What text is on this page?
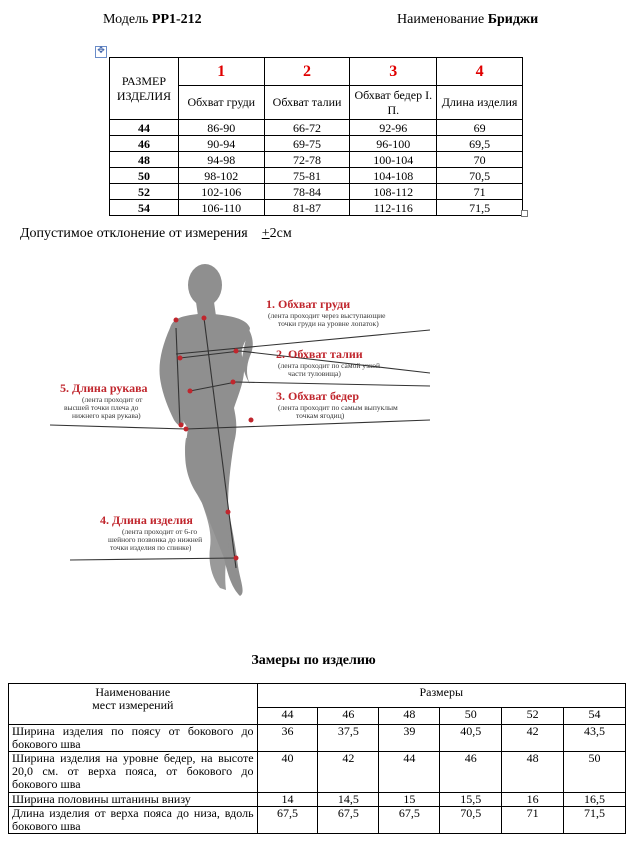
Модель РР1-212	Наименование Бриджи
✥
РАЗМЕР ИЗДЕЛИЯ	1	2	3	4
	Обхват груди	Обхват талии	Обхват бедер I. П.	Длина изделия
44	86-90	66-72	92-96	69
46	90-94	69-75	96-100	69,5
48	94-98	72-78	100-104	70
50	98-102	75-81	104-108	70,5
52	102-106	78-84	108-112	71
54	106-110	81-87	112-116	71,5
Допустимое отклонение от измерения +2см
1. Обхват груди
(лента проходит через выступающие
точки груди на уровне лопаток)
2. Обхват талии
(лента проходит по самой узкой
части туловища)
3. Обхват бедер
(лента проходит по самым выпуклым
точкам ягодиц)
4. Длина изделия
(лента проходит от 6-го
шейного позвонка до нижней
точки изделия по спинке)
5. Длина рукава
(лента проходит от
высшей точки плеча до
нижнего края рукава)
Замеры по изделию
Наименование
мест измерений	Размеры					
	44	46	48	50	52	54
Ширина изделия по поясу от бокового до бокового шва	36	37,5	39	40,5	42	43,5
Ширина изделия на уровне бедер, на высоте 20,0 см. от верха пояса, от бокового до бокового шва	40	42	44	46	48	50
Ширина половины штанины внизу	14	14,5	15	15,5	16	16,5
Длина изделия от верха пояса до низа, вдоль бокового шва	67,5	67,5	67,5	70,5	71	71,5
